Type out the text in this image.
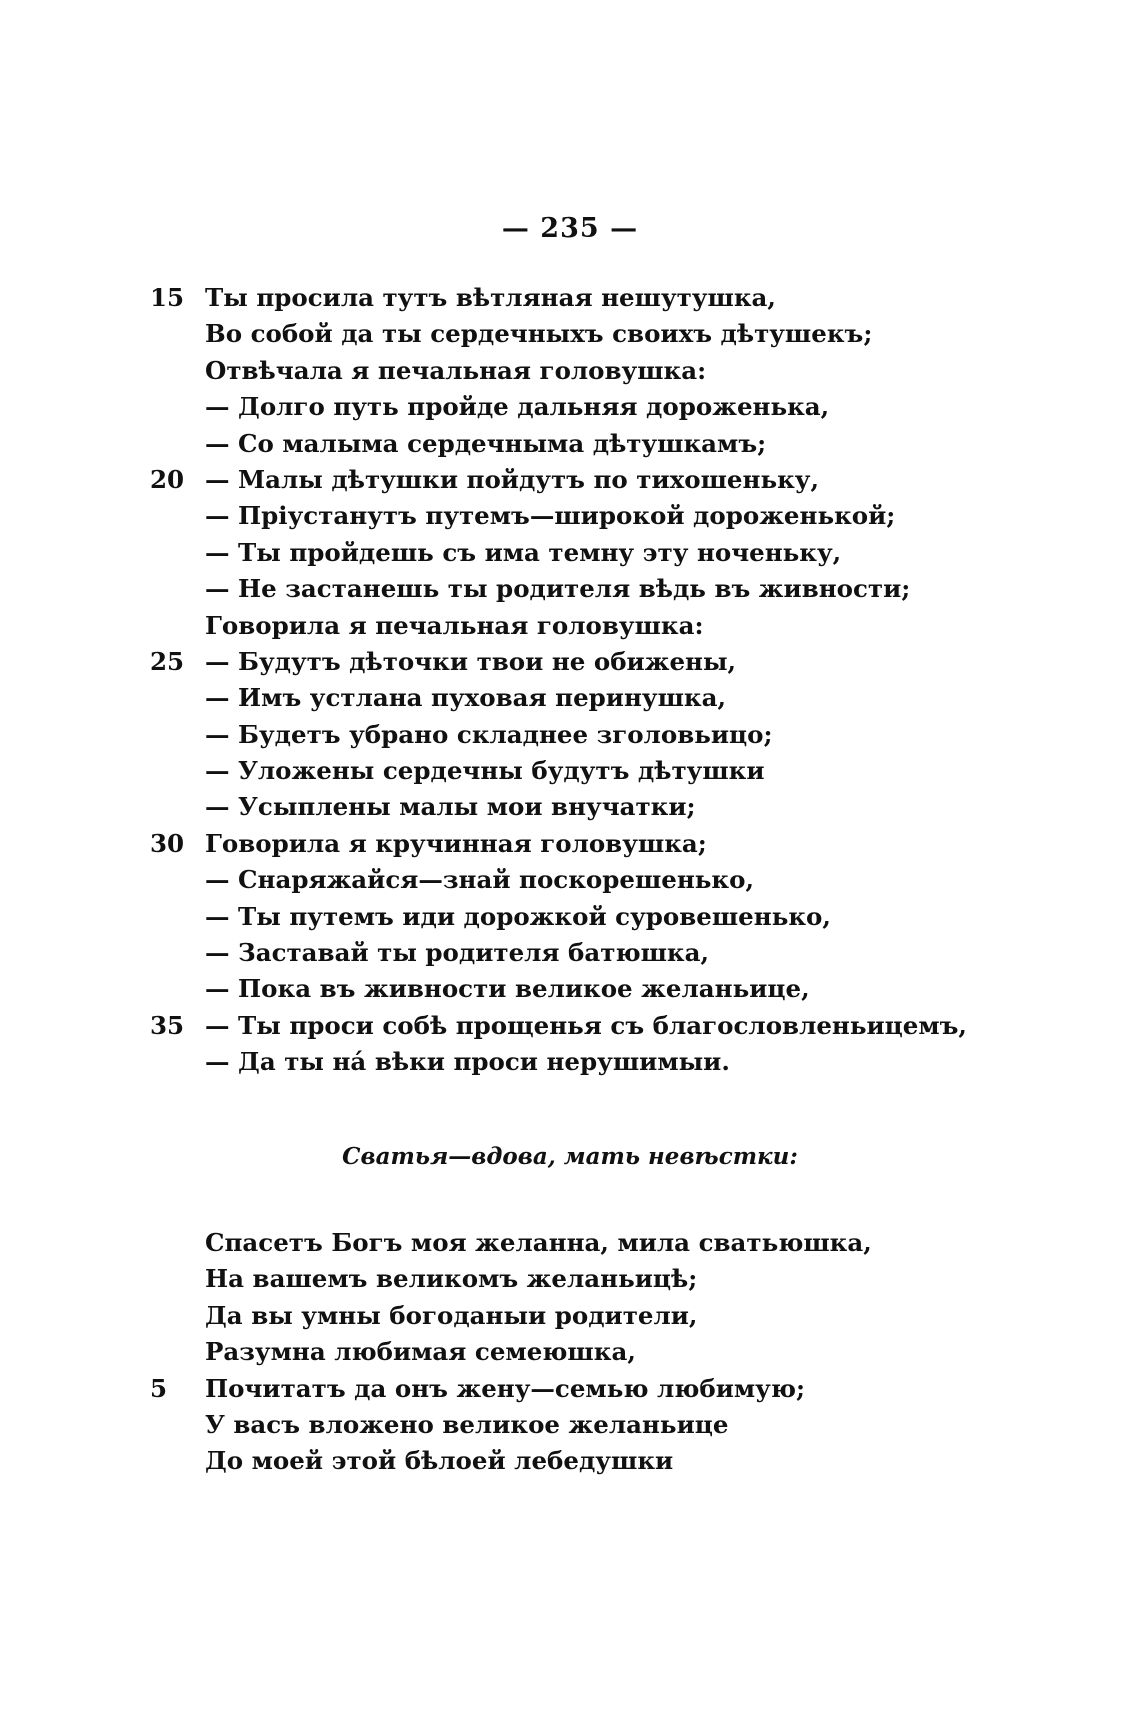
— 235 —
15 Ты просила тутъ вѣтляная нешутушка,
Во собой да ты сердечныхъ своихъ дѣтушекъ;
Отвѣчала я печальная головушка:
— Долго путь пройде дальняя дороженька,
— Со малыма сердечныма дѣтушкамъ;
20 — Малы дѣтушки пойдутъ по тихошеньку,
— Пріустанутъ путемъ—широкой дороженькой;
— Ты пройдешь съ има темну эту ноченьку,
— Не застанешь ты родителя вѣдь въ живности;
Говорила я печальная головушка:
25 — Будутъ дѣточки твои не обижены,
— Имъ устлана пуховая перинушка,
— Будетъ убрано складнее зголовьицо;
— Уложены сердечны будутъ дѣтушки
— Усыплены малы мои внучатки;
30 Говорила я кручинная головушка;
— Снаряжайся—знай поскорешенько,
— Ты путемъ иди дорожкой суровешенько,
— Заставай ты родителя батюшка,
— Пока въ живности великое желаньице,
35 — Ты проси собѣ прощенья съ благословленьицемъ,
— Да ты на́ вѣки проси нерушимыи.
Сватья—вдова, мать невѣстки:
Спасетъ Богъ моя желанна, мила сватьюшка,
На вашемъ великомъ желаньицѣ;
Да вы умны богоданыи родители,
Разумна любимая семеюшка,
5	Почитатъ да онъ жену—семью любимую;
У васъ вложено великое желаньице
До моей этой бѣлоей лебедушки
